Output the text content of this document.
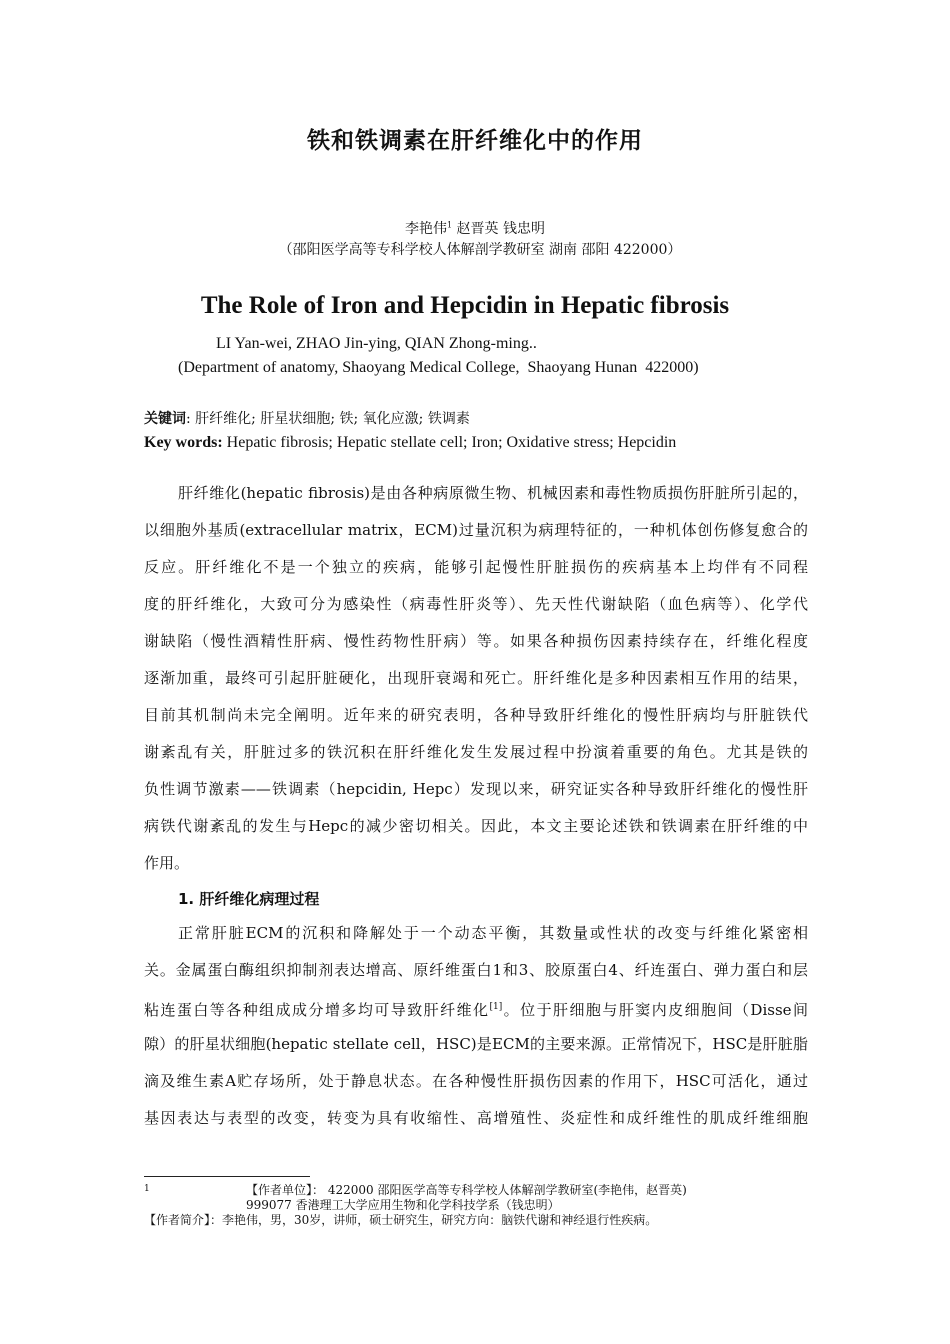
铁和铁调素在肝纤维化中的作用
李艳伟$^1$ 赵晋英 钱忠明
（邵阳医学高等专科学校人体解剖学教研室 湖南 邵阳 422000）
The Role of Iron and Hepcidin in Hepatic fibrosis
LI Yan-wei, ZHAO Jin-ying, QIAN Zhong-ming..
(Department of anatomy, Shaoyang Medical College,  Shaoyang Hunan  422000)
关键词: 肝纤维化; 肝星状细胞; 铁; 氧化应激; 铁调素
Key words: Hepatic fibrosis; Hepatic stellate cell; Iron; Oxidative stress; Hepcidin
肝纤维化(hepatic fibrosis)是由各种病原微生物、机械因素和毒性物质损伤肝脏所引起的，
以细胞外基质(extracellular matrix，ECM)过量沉积为病理特征的，一种机体创伤修复愈合的
反应。肝纤维化不是一个独立的疾病，能够引起慢性肝脏损伤的疾病基本上均伴有不同程
度的肝纤维化，大致可分为感染性（病毒性肝炎等）、先天性代谢缺陷（血色病等）、化学代
谢缺陷（慢性酒精性肝病、慢性药物性肝病）等。如果各种损伤因素持续存在，纤维化程度
逐渐加重，最终可引起肝脏硬化，出现肝衰竭和死亡。肝纤维化是多种因素相互作用的结果，
目前其机制尚未完全阐明。近年来的研究表明，各种导致肝纤维化的慢性肝病均与肝脏铁代
谢紊乱有关，肝脏过多的铁沉积在肝纤维化发生发展过程中扮演着重要的角色。尤其是铁的
负性调节激素——铁调素（hepcidin, Hepc）发现以来，研究证实各种导致肝纤维化的慢性肝
病铁代谢紊乱的发生与Hepc的减少密切相关。因此，本文主要论述铁和铁调素在肝纤维的中
作用。
1. 肝纤维化病理过程
正常肝脏ECM的沉积和降解处于一个动态平衡，其数量或性状的改变与纤维化紧密相
关。金属蛋白酶组织抑制剂表达增高、原纤维蛋白1和3、胶原蛋白4、纤连蛋白、弹力蛋白和层
粘连蛋白等各种组成成分增多均可导致肝纤维化[1]。位于肝细胞与肝窦内皮细胞间（Disse间
隙）的肝星状细胞(hepatic stellate cell，HSC)是ECM的主要来源。正常情况下，HSC是肝脏脂
滴及维生素A贮存场所，处于静息状态。在各种慢性肝损伤因素的作用下，HSC可活化，通过
基因表达与表型的改变，转变为具有收缩性、高增殖性、炎症性和成纤维性的肌成纤维细胞
1	【作者单位】： 422000 邵阳医学高等专科学校人体解剖学教研室(李艳伟，赵晋英)
999077 香港理工大学应用生物和化学科技学系（钱忠明）
【作者简介】：李艳伟，男，30岁，讲师，硕士研究生，研究方向：脑铁代谢和神经退行性疾病。
